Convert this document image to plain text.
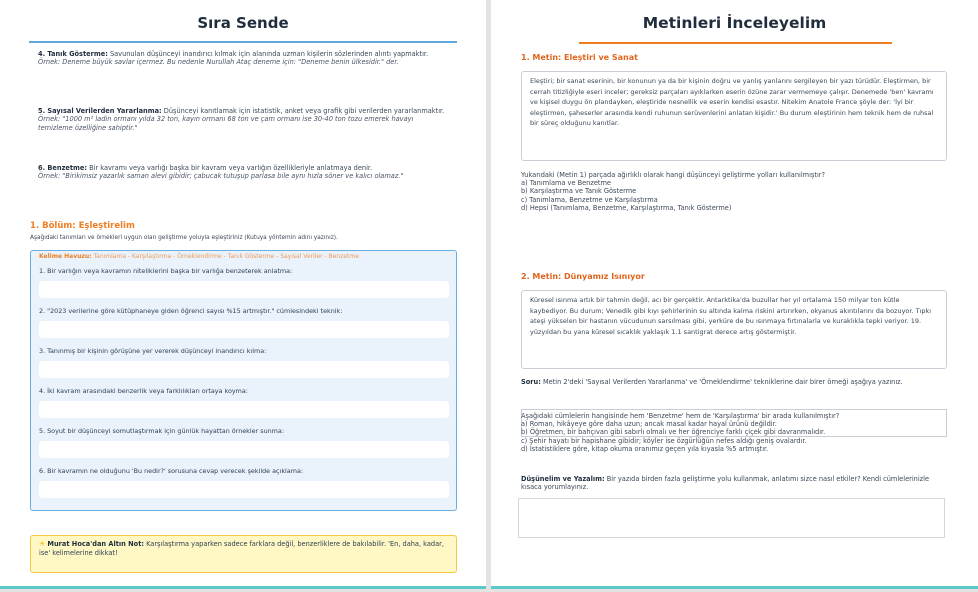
Sıra Sende
4. Tanık Gösterme: Savunulan düşünceyi inandırıcı kılmak için alanında uzman kişilerin sözlerinden alıntı yapmaktır.
Örnek: Deneme büyük savlar içermez. Bu nedenle Nurullah Ataç deneme için: "Deneme benin ülkesidir." der.
5. Sayısal Verilerden Yararlanma: Düşünceyi kanıtlamak için istatistik, anket veya grafik gibi verilerden yararlanmaktır.
Örnek: "1000 m² ladin ormanı yılda 32 ton, kayın ormanı 68 ton ve çam ormanı ise 30-40 ton tozu emerek havayı temizleme özelliğine sahiptir."
6. Benzetme: Bir kavramı veya varlığı başka bir kavram veya varlığın özellikleriyle anlatmaya denir.
Örnek: "Birikimsiz yazarlık saman alevi gibidir; çabucak tutuşup parlasa bile aynı hızla söner ve kalıcı olamaz."
1. Bölüm: Eşleştirelim
Aşağıdaki tanımları ve örnekleri uygun olan geliştirme yoluyla eşleştiriniz (Kutuya yöntemin adını yazınız).
Kelime Havuzu: Tanımlama - Karşılaştırma - Örneklendirme - Tanık Gösterme - Sayısal Veriler - Benzetme
1. Bir varlığın veya kavramın niteliklerini başka bir varlığa benzeterek anlatma:
2. "2023 verilerine göre kütüphaneye giden öğrenci sayısı %15 artmıştır." cümlesindeki teknik:
3. Tanınmış bir kişinin görüşüne yer vererek düşünceyi inandırıcı kılma:
4. İki kavram arasındaki benzerlik veya farklılıkları ortaya koyma:
5. Soyut bir düşünceyi somutlaştırmak için günlük hayattan örnekler sunma:
6. Bir kavramın ne olduğunu 'Bu nedir?' sorusuna cevap verecek şekilde açıklama:
☀ Murat Hoca'dan Altın Not: Karşılaştırma yaparken sadece farklara değil, benzerliklere de bakılabilir. 'En, daha, kadar, ise' kelimelerine dikkat!
Metinleri İnceleyelim
1. Metin: Eleştiri ve Sanat
Eleştiri; bir sanat eserinin, bir konunun ya da bir kişinin doğru ve yanlış yanlarını sergileyen bir yazı türüdür. Eleştirmen, bir cerrah titizliğiyle eseri inceler; gereksiz parçaları ayıklarken eserin özüne zarar vermemeye çalışır. Denemede 'ben' kavramı ve kişisel duygu ön plandayken, eleştiride nesnellik ve eserin kendisi esastır. Nitekim Anatole France şöyle der: 'İyi bir eleştirmen, şaheserler arasında kendi ruhunun serüvenlerini anlatan kişidir.' Bu durum eleştirinin hem teknik hem de ruhsal bir süreç olduğunu kanıtlar.
Yukarıdaki (Metin 1) parçada ağırlıklı olarak hangi düşünceyi geliştirme yolları kullanılmıştır?
a) Tanımlama ve Benzetme
b) Karşılaştırma ve Tanık Gösterme
c) Tanımlama, Benzetme ve Karşılaştırma
d) Hepsi (Tanımlama, Benzetme, Karşılaştırma, Tanık Gösterme)
2. Metin: Dünyamız Isınıyor
Küresel ısınma artık bir tahmin değil, acı bir gerçektir. Antarktika'da buzullar her yıl ortalama 150 milyar ton kütle kaybediyor. Bu durum; Venedik gibi kıyı şehirlerinin su altında kalma riskini artırırken, okyanus akıntılarını da bozuyor. Tıpkı ateşi yükselen bir hastanın vücudunun sarsılması gibi, yerküre de bu ısınmaya fırtınalarla ve kuraklıkla tepki veriyor. 19. yüzyıldan bu yana küresel sıcaklık yaklaşık 1.1 santigrat derece artış göstermiştir.
Soru: Metin 2'deki 'Sayısal Verilerden Yararlanma' ve 'Örneklendirme' tekniklerine dair birer örneği aşağıya yazınız.
Aşağıdaki cümlelerin hangisinde hem 'Benzetme' hem de 'Karşılaştırma' bir arada kullanılmıştır?
a) Roman, hikâyeye göre daha uzun; ancak masal kadar hayal ürünü değildir.
b) Öğretmen, bir bahçıvan gibi sabırlı olmalı ve her öğrenciye farklı çiçek gibi davranmalıdır.
c) Şehir hayatı bir hapishane gibidir; köyler ise özgürlüğün nefes aldığı geniş ovalardır.
d) İstatistiklere göre, kitap okuma oranımız geçen yıla kıyasla %5 artmıştır.
Düşünelim ve Yazalım: Bir yazıda birden fazla geliştirme yolu kullanmak, anlatımı sizce nasıl etkiler? Kendi cümlelerinizle kısaca yorumlayınız.
